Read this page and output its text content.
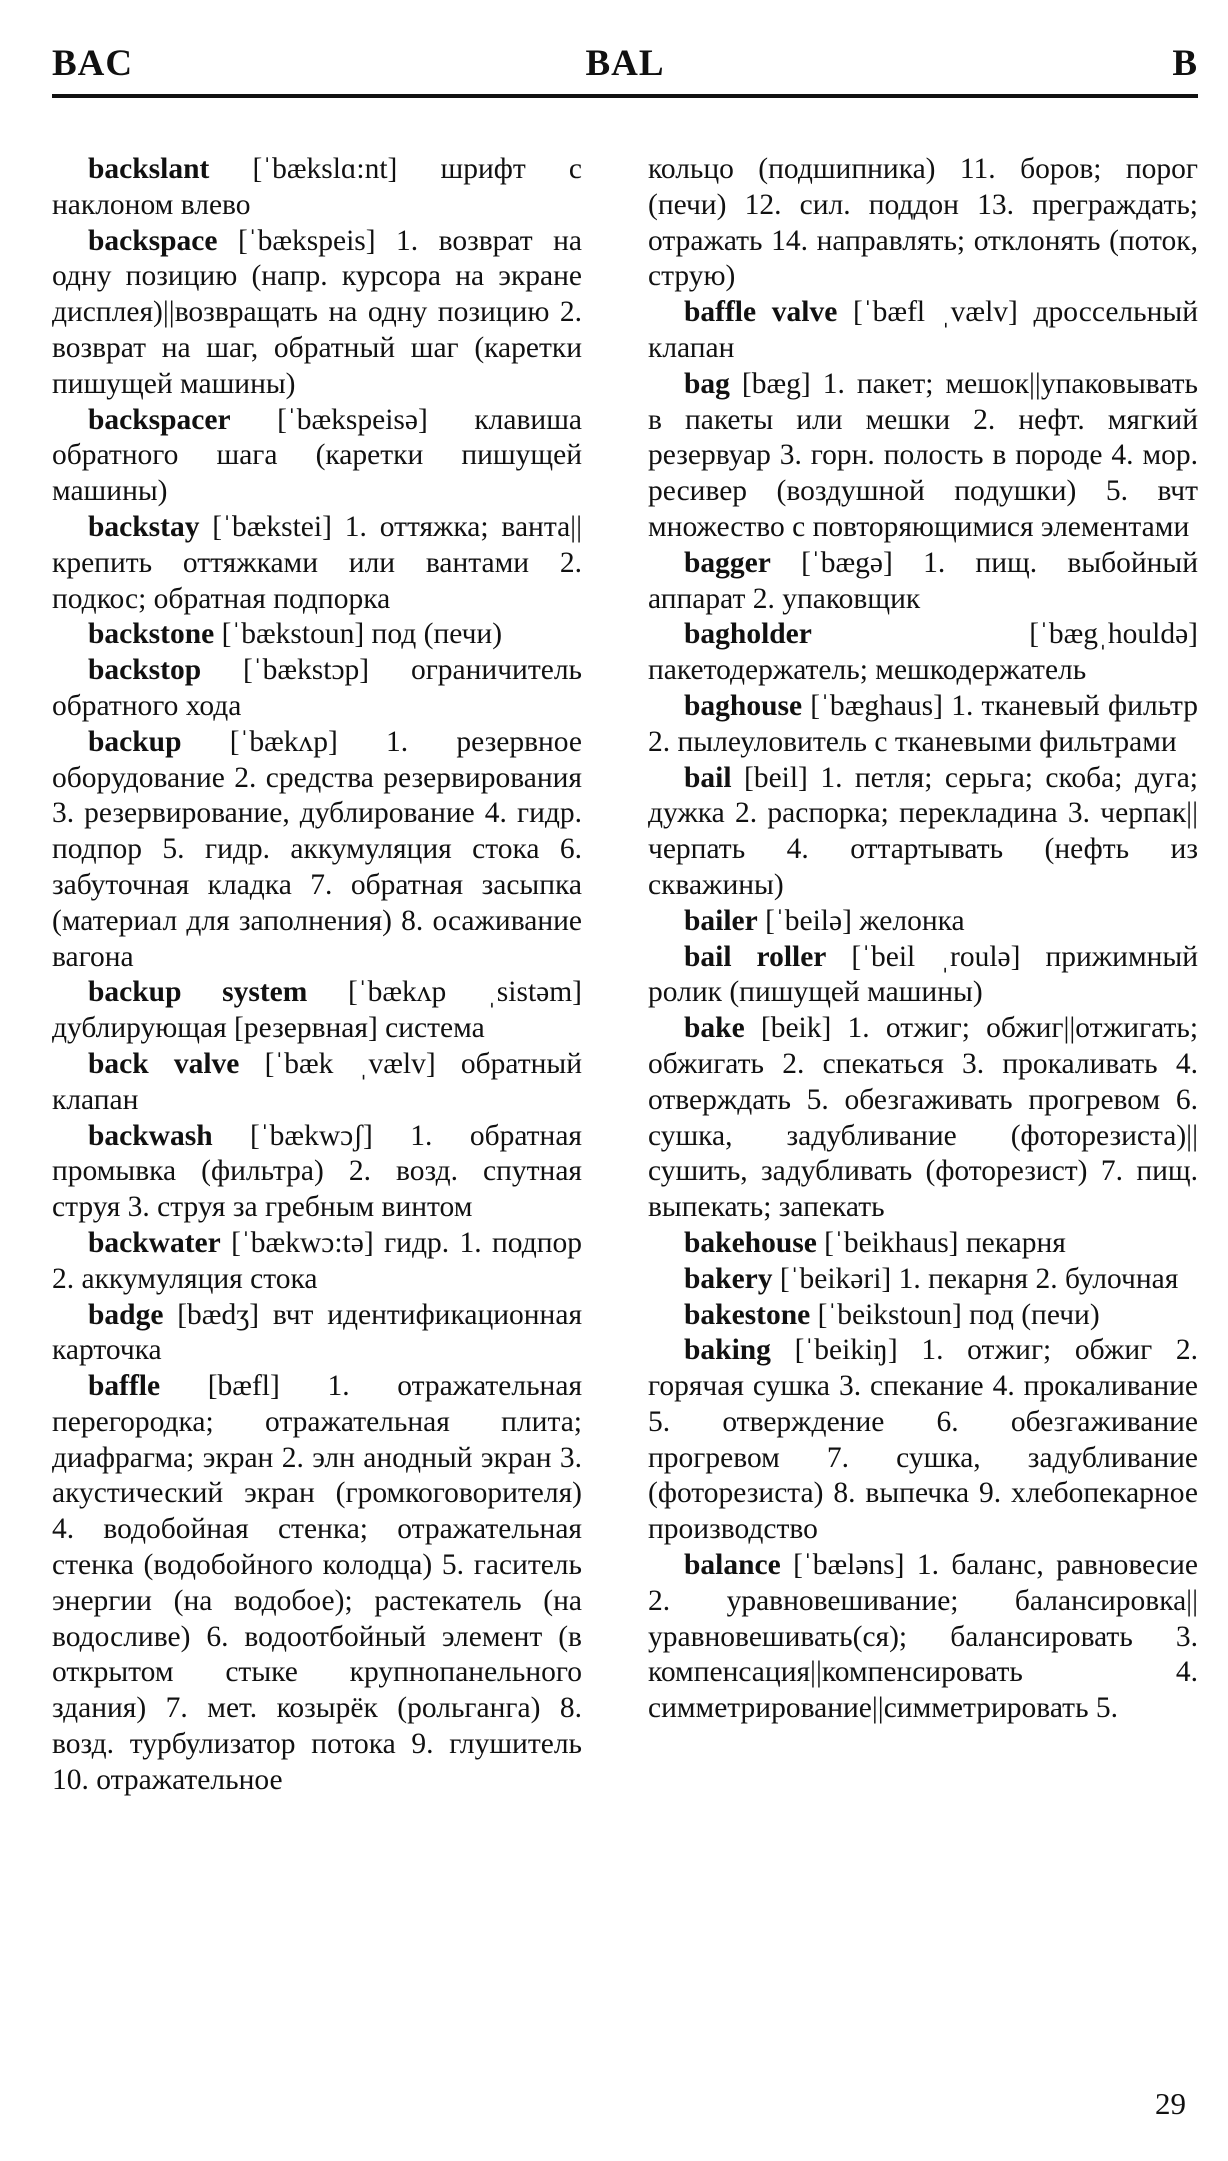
BAC	BAL	B

backslant [ˈbækslɑ:nt] шрифт с наклоном влево

backspace [ˈbækspeis] 1. возврат на одну позицию (напр. курсора на экране дисплея)||возвращать на одну позицию 2. возврат на шаг, обратный шаг (каретки пишущей машины)

backspacer [ˈbækspeisə] клавиша обратного шага (каретки пишущей машины)

backstay [ˈbækstei] 1. оттяжка; ванта||крепить оттяжками или вантами 2. подкос; обратная подпорка

backstone [ˈbækstoun] под (печи)

backstop [ˈbækstɔp] ограничитель обратного хода

backup [ˈbækʌp] 1. резервное оборудование 2. средства резервирования 3. резервирование, дублирование 4. гидр. подпор 5. гидр. аккумуляция стока 6. забуточная кладка 7. обратная засыпка (материал для заполнения) 8. осаживание вагона

backup system [ˈbækʌp ˌsistəm] дублирующая [резервная] система

back valve [ˈbæk ˌvælv] обратный клапан

backwash [ˈbækwɔʃ] 1. обратная промывка (фильтра) 2. возд. спутная струя 3. струя за гребным винтом

backwater [ˈbækwɔ:tə] гидр. 1. подпор 2. аккумуляция стока

badge [bædʒ] вчт идентификационная карточка

baffle [bæfl] 1. отражательная перегородка; отражательная плита; диафрагма; экран 2. элн анодный экран 3. акустический экран (громкоговорителя) 4. водобойная стенка; отражательная стенка (водобойного колодца) 5. гаситель энергии (на водобое); растекатель (на водосливе) 6. водоотбойный элемент (в открытом стыке крупнопанельного здания) 7. мет. козырёк (рольганга) 8. возд. турбулизатор потока 9. глушитель 10. отражательное

кольцо (подшипника) 11. боров; порог (печи) 12. сил. поддон 13. преграждать; отражать 14. направлять; отклонять (поток, струю)

baffle valve [ˈbæfl ˌvælv] дроссельный клапан

bag [bæg] 1. пакет; мешок||упаковывать в пакеты или мешки 2. нефт. мягкий резервуар 3. горн. полость в породе 4. мор. ресивер (воздушной подушки) 5. вчт множество с повторяющимися элементами

bagger [ˈbægə] 1. пищ. выбойный аппарат 2. упаковщик

bagholder	[ˈbægˌhouldə] пакетодержатель; мешкодержатель

baghouse [ˈbæghaus] 1. тканевый фильтр 2. пылеуловитель с тканевыми фильтрами

bail [beil] 1. петля; серьга; скоба; дуга; дужка 2. распорка; перекладина 3. черпак||черпать 4. оттартывать (нефть из скважины)

bailer [ˈbeilə] желонка

bail roller [ˈbeil ˌroulə] прижимный ролик (пишущей машины)

bake [beik] 1. отжиг; обжиг||отжигать; обжигать 2. спекаться 3. прокаливать 4. отверждать 5. обезгаживать прогревом 6. сушка, задубливание (фоторезиста)||сушить, задубливать (фоторезист) 7. пищ. выпекать; запекать

bakehouse [ˈbeikhaus] пекарня

bakery [ˈbeikəri] 1. пекарня 2. булочная

bakestone [ˈbeikstoun] под (печи)

baking [ˈbeikiŋ] 1. отжиг; обжиг 2. горячая сушка 3. спекание 4. прокаливание 5. отверждение 6. обезгаживание прогревом 7. сушка, задубливание (фоторезиста) 8. выпечка 9. хлебопекарное производство

balance [ˈbæləns] 1. баланс, равновесие 2. уравновешивание; балансировка||уравновешивать(ся); балансировать 3. компенсация||компенсировать 4. симметрирование||симметрировать 5.

29
